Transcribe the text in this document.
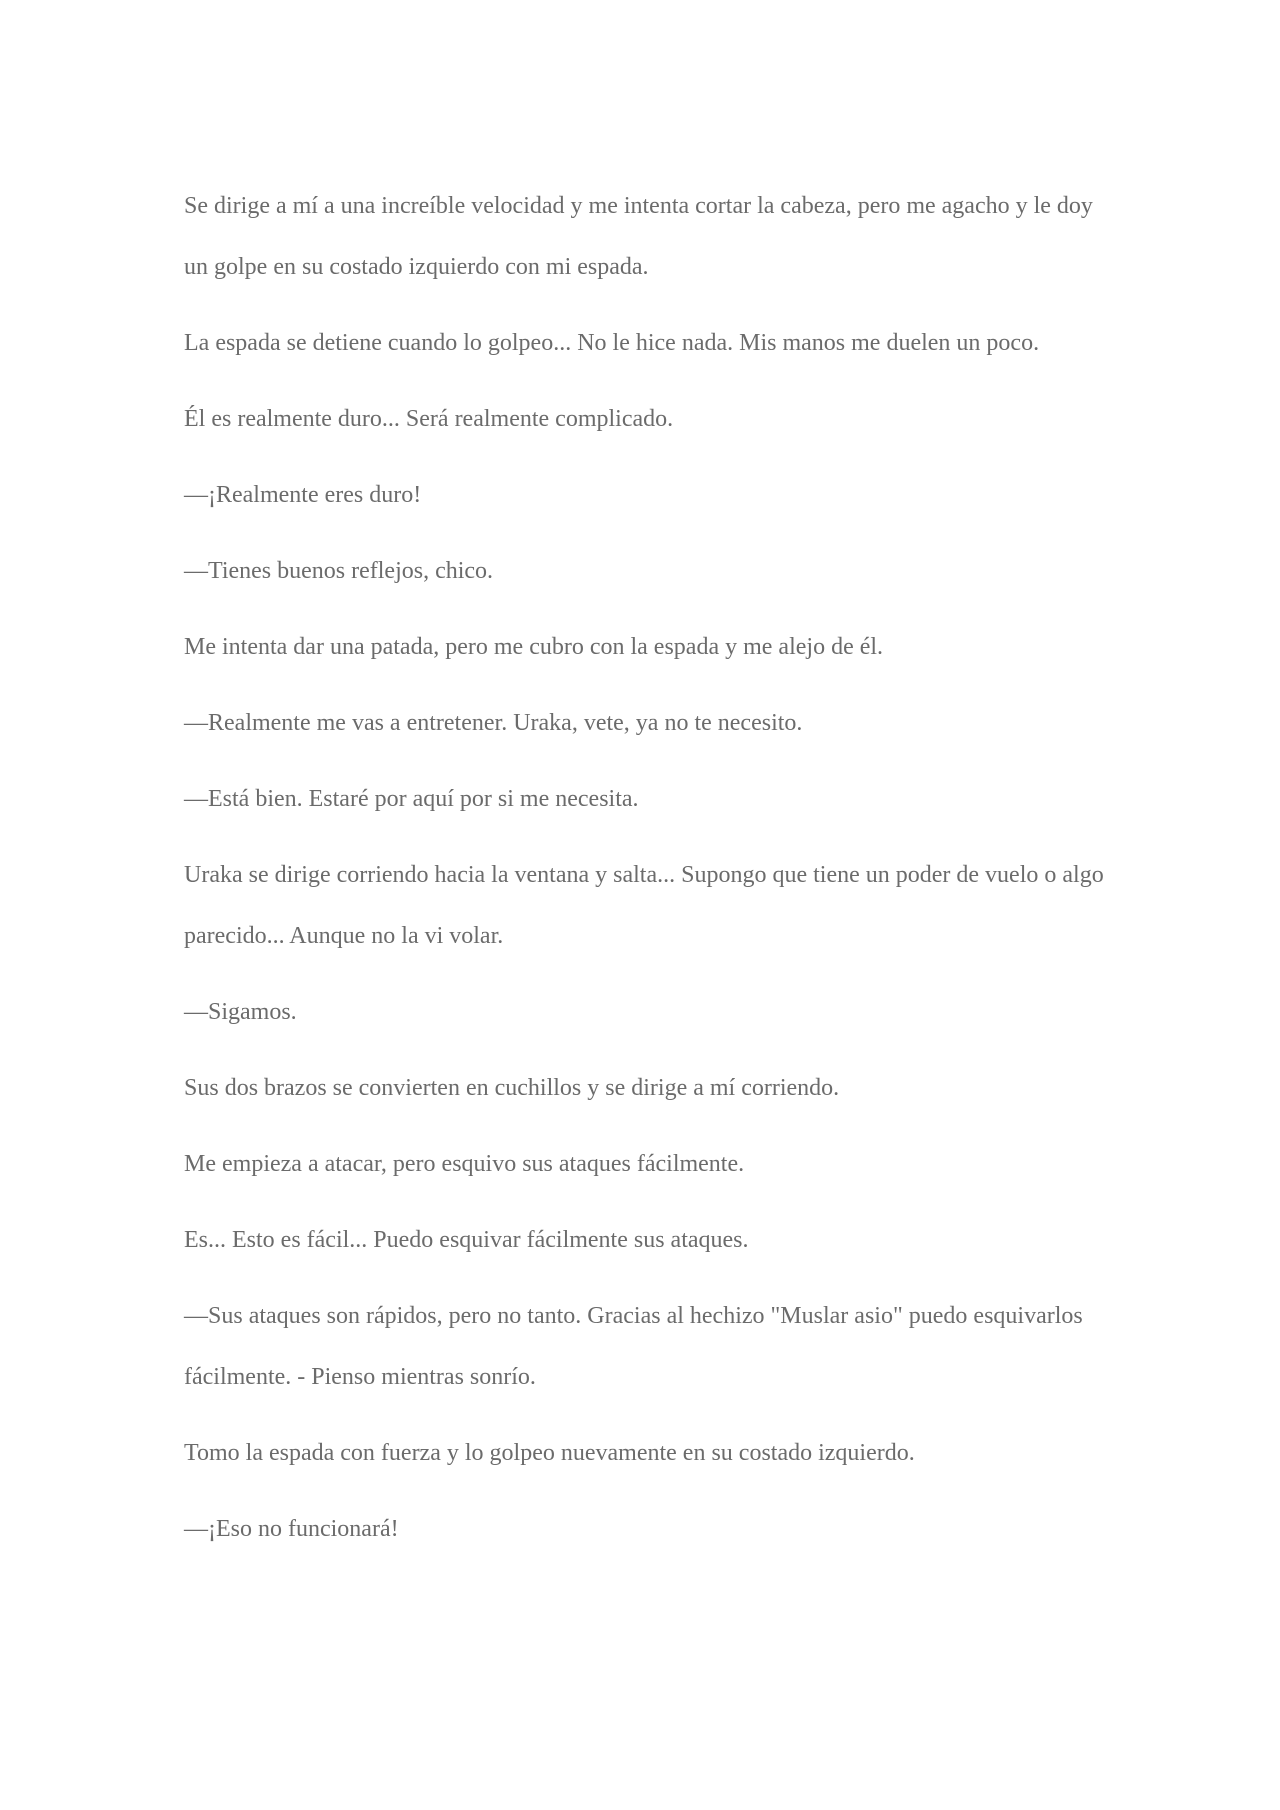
Se dirige a mí a una increíble velocidad y me intenta cortar la cabeza, pero me agacho y le doy un golpe en su costado izquierdo con mi espada.

La espada se detiene cuando lo golpeo... No le hice nada. Mis manos me duelen un poco.

Él es realmente duro... Será realmente complicado.

—¡Realmente eres duro!

—Tienes buenos reflejos, chico.

Me intenta dar una patada, pero me cubro con la espada y me alejo de él.

—Realmente me vas a entretener. Uraka, vete, ya no te necesito.

—Está bien. Estaré por aquí por si me necesita.

Uraka se dirige corriendo hacia la ventana y salta... Supongo que tiene un poder de vuelo o algo parecido... Aunque no la vi volar.

—Sigamos.

Sus dos brazos se convierten en cuchillos y se dirige a mí corriendo.

Me empieza a atacar, pero esquivo sus ataques fácilmente.

Es... Esto es fácil... Puedo esquivar fácilmente sus ataques.

—Sus ataques son rápidos, pero no tanto. Gracias al hechizo "Muslar asio" puedo esquivarlos fácilmente. - Pienso mientras sonrío.

Tomo la espada con fuerza y lo golpeo nuevamente en su costado izquierdo.

—¡Eso no funcionará!
